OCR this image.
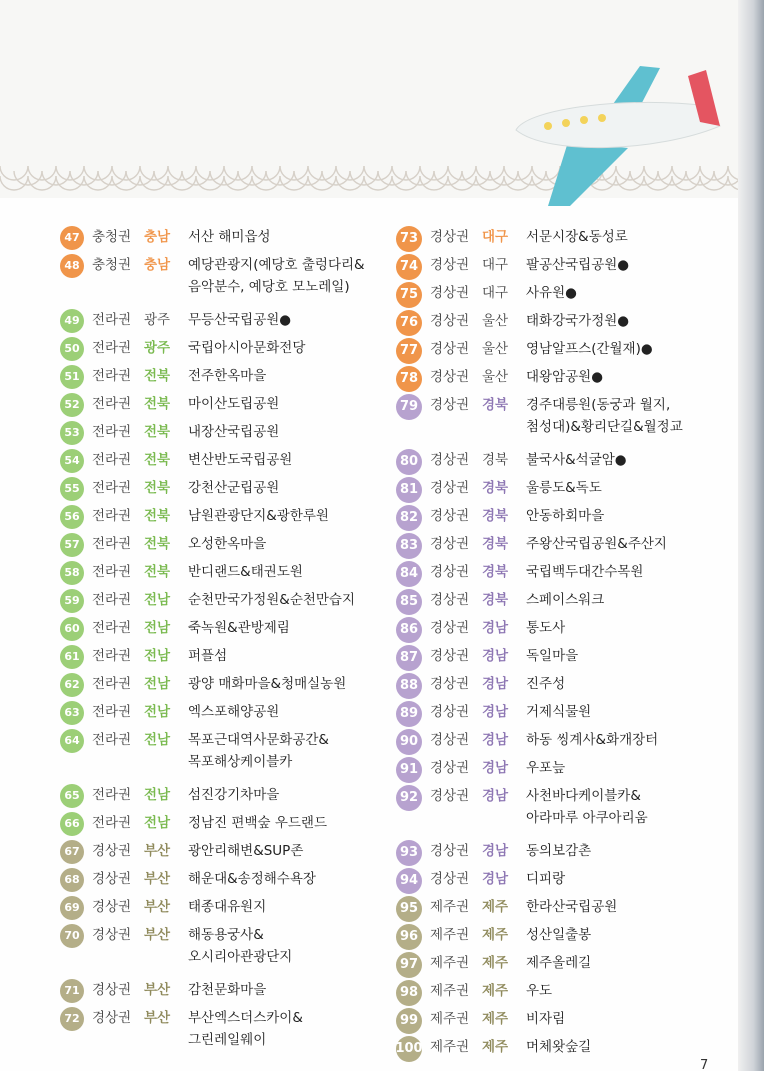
47 충청권 충남	서산 해미읍성
48 충청권 충남	예당관광지(예당호 출렁다리&
음악분수, 예당호 모노레일)
49 전라권 광주	무등산국립공원●
50 전라권 광주	국립아시아문화전당
51 전라권 전북	전주한옥마을
52 전라권 전북	마이산도립공원
53 전라권 전북	내장산국립공원
54 전라권 전북	변산반도국립공원
55 전라권 전북	강천산군립공원
56 전라권 전북	남원관광단지&광한루원
57 전라권 전북	오성한옥마을
58 전라권 전북	반디랜드&태권도원
59 전라권 전남	순천만국가정원&순천만습지
60 전라권 전남	죽녹원&관방제림
61 전라권 전남	퍼플섬
62 전라권 전남	광양 매화마을&청매실농원
63 전라권 전남	엑스포해양공원
64 전라권 전남	목포근대역사문화공간&
목포해상케이블카
65 전라권 전남	섬진강기차마을
66 전라권 전남	정남진 편백숲 우드랜드
67 경상권 부산	광안리해변&SUP존
68 경상권 부산	해운대&송정해수욕장
69 경상권 부산	태종대유원지
70 경상권 부산	해동용궁사&
오시리아관광단지
71 경상권 부산	감천문화마을
72 경상권 부산	부산엑스더스카이&
그린레일웨이
73 경상권 대구	서문시장&동성로
74 경상권 대구	팔공산국립공원●
75 경상권 대구	사유원●
76 경상권 울산	태화강국가정원●
77 경상권 울산	영남알프스(간월재)●
78 경상권 울산	대왕암공원●
79 경상권 경북	경주대릉원(동궁과 월지,
첨성대)&황리단길&월정교
80 경상권 경북	불국사&석굴암●
81 경상권 경북	울릉도&독도
82 경상권 경북	안동하회마을
83 경상권 경북	주왕산국립공원&주산지
84 경상권 경북	국립백두대간수목원
85 경상권 경북	스페이스워크
86 경상권 경남	통도사
87 경상권 경남	독일마을
88 경상권 경남	진주성
89 경상권 경남	거제식물원
90 경상권 경남	하동 씽계사&화개장터
91 경상권 경남	우포늪
92 경상권 경남	사천바다케이블카&
아라마루 아쿠아리움
93 경상권 경남	동의보감촌
94 경상권 경남	디피랑
95 제주권 제주	한라산국립공원
96 제주권 제주	성산일출봉
97 제주권 제주	제주올레길
98 제주권 제주	우도
99 제주권 제주	비자림
100 제주권 제주	머체왓숲길
7
